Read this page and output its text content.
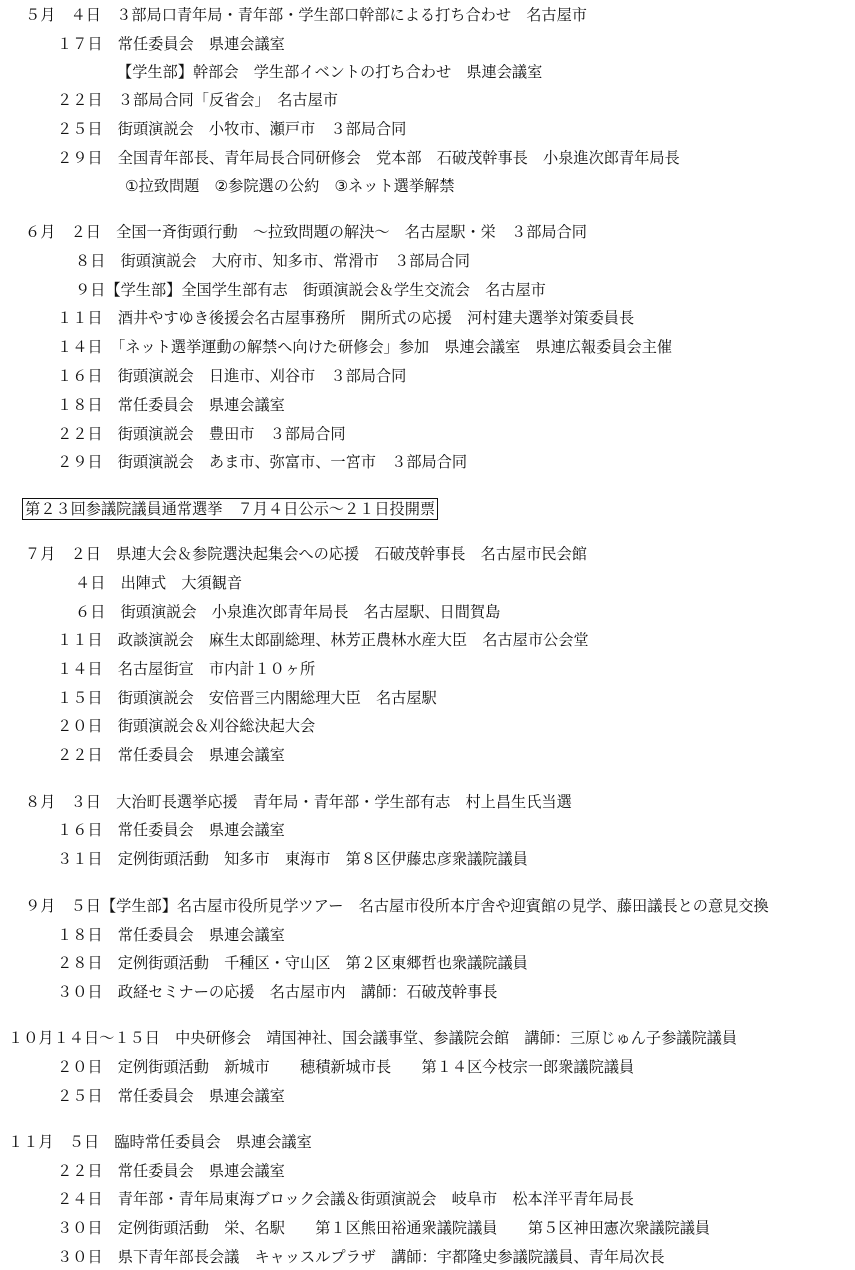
５月　４日　３部局口青年局・青年部・学生部口幹部による打ち合わせ　名古屋市
１７日　常任委員会　県連会議室
【学生部】幹部会　学生部イベントの打ち合わせ　県連会議室
２２日　３部局合同「反省会」　名古屋市
２５日　街頭演説会　小牧市、瀬戸市　３部局合同
２９日　全国青年部長、青年局長合同研修会　党本部　石破茂幹事長　小泉進次郎青年局長
①拉致問題　②参院選の公約　③ネット選挙解禁
６月　２日　全国一斉街頭行動　～拉致問題の解決～　名古屋駅・栄　３部局合同
８日　街頭演説会　大府市、知多市、常滑市　３部局合同
９日【学生部】全国学生部有志　街頭演説会＆学生交流会　名古屋市
１１日　酒井やすゆき後援会名古屋事務所　開所式の応援　河村建夫選挙対策委員長
１４日　「ネット選挙運動の解禁へ向けた研修会」参加　県連会議室　県連広報委員会主催
１６日　街頭演説会　日進市、刈谷市　３部局合同
１８日　常任委員会　県連会議室
２２日　街頭演説会　豊田市　３部局合同
２９日　街頭演説会　あま市、弥富市、一宮市　３部局合同
第２３回参議院議員通常選挙　７月４日公示～２１日投開票
７月　２日　県連大会＆参院選決起集会への応援　石破茂幹事長　名古屋市民会館
４日　出陣式　大須観音
６日　街頭演説会　小泉進次郎青年局長　名古屋駅、日間賀島
１１日　政談演説会　麻生太郎副総理、林芳正農林水産大臣　名古屋市公会堂
１４日　名古屋街宣　市内計１０ヶ所
１５日　街頭演説会　安倍晋三内閣総理大臣　名古屋駅
２０日　街頭演説会＆刈谷総決起大会
２２日　常任委員会　県連会議室
８月　３日　大治町長選挙応援　青年局・青年部・学生部有志　村上昌生氏当選
１６日　常任委員会　県連会議室
３１日　定例街頭活動　知多市　東海市　第８区伊藤忠彦衆議院議員
９月　５日【学生部】名古屋市役所見学ツアー　名古屋市役所本庁舎や迎賓館の見学、藤田議長との意見交換
１８日　常任委員会　県連会議室
２８日　定例街頭活動　千種区・守山区　第２区東郷哲也衆議院議員
３０日　政経セミナーの応援　名古屋市内　講師：石破茂幹事長
１０月１４日～１５日　中央研修会　靖国神社、国会議事堂、参議院会館　講師：三原じゅん子参議院議員
２０日　定例街頭活動　新城市　　穂積新城市長　　第１４区今枝宗一郎衆議院議員
２５日　常任委員会　県連会議室
１１月　５日　臨時常任委員会　県連会議室
２２日　常任委員会　県連会議室
２４日　青年部・青年局東海ブロック会議＆街頭演説会　岐阜市　松本洋平青年局長
３０日　定例街頭活動　栄、名駅　　第１区熊田裕通衆議院議員　　第５区神田憲次衆議院議員
３０日　県下青年部長会議　キャッスルプラザ　講師：宇都隆史参議院議員、青年局次長
